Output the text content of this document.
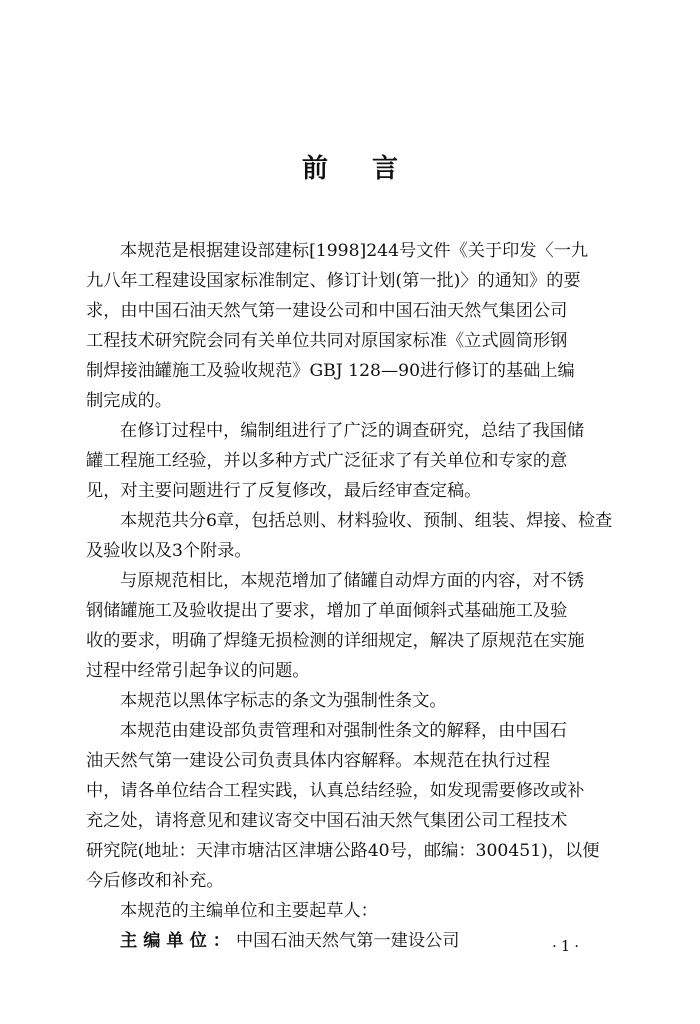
前言
本规范是根据建设部建标[1998]244号文件《关于印发〈一九
九八年工程建设国家标准制定、修订计划(第一批)〉的通知》的要
求，由中国石油天然气第一建设公司和中国石油天然气集团公司
工程技术研究院会同有关单位共同对原国家标准《立式圆筒形钢
制焊接油罐施工及验收规范》GBJ 128—90进行修订的基础上编
制完成的。
在修订过程中，编制组进行了广泛的调查研究，总结了我国储
罐工程施工经验，并以多种方式广泛征求了有关单位和专家的意
见，对主要问题进行了反复修改，最后经审查定稿。
本规范共分6章，包括总则、材料验收、预制、组装、焊接、检查
及验收以及3个附录。
与原规范相比，本规范增加了储罐自动焊方面的内容，对不锈
钢储罐施工及验收提出了要求，增加了单面倾斜式基础施工及验
收的要求，明确了焊缝无损检测的详细规定，解决了原规范在实施
过程中经常引起争议的问题。
本规范以黑体字标志的条文为强制性条文。
本规范由建设部负责管理和对强制性条文的解释，由中国石
油天然气第一建设公司负责具体内容解释。本规范在执行过程
中，请各单位结合工程实践，认真总结经验，如发现需要修改或补
充之处，请将意见和建议寄交中国石油天然气集团公司工程技术
研究院(地址：天津市塘沽区津塘公路40号，邮编：300451)，以便
今后修改和补充。
本规范的主编单位和主要起草人：
主编单位：中国石油天然气第一建设公司	·1·
